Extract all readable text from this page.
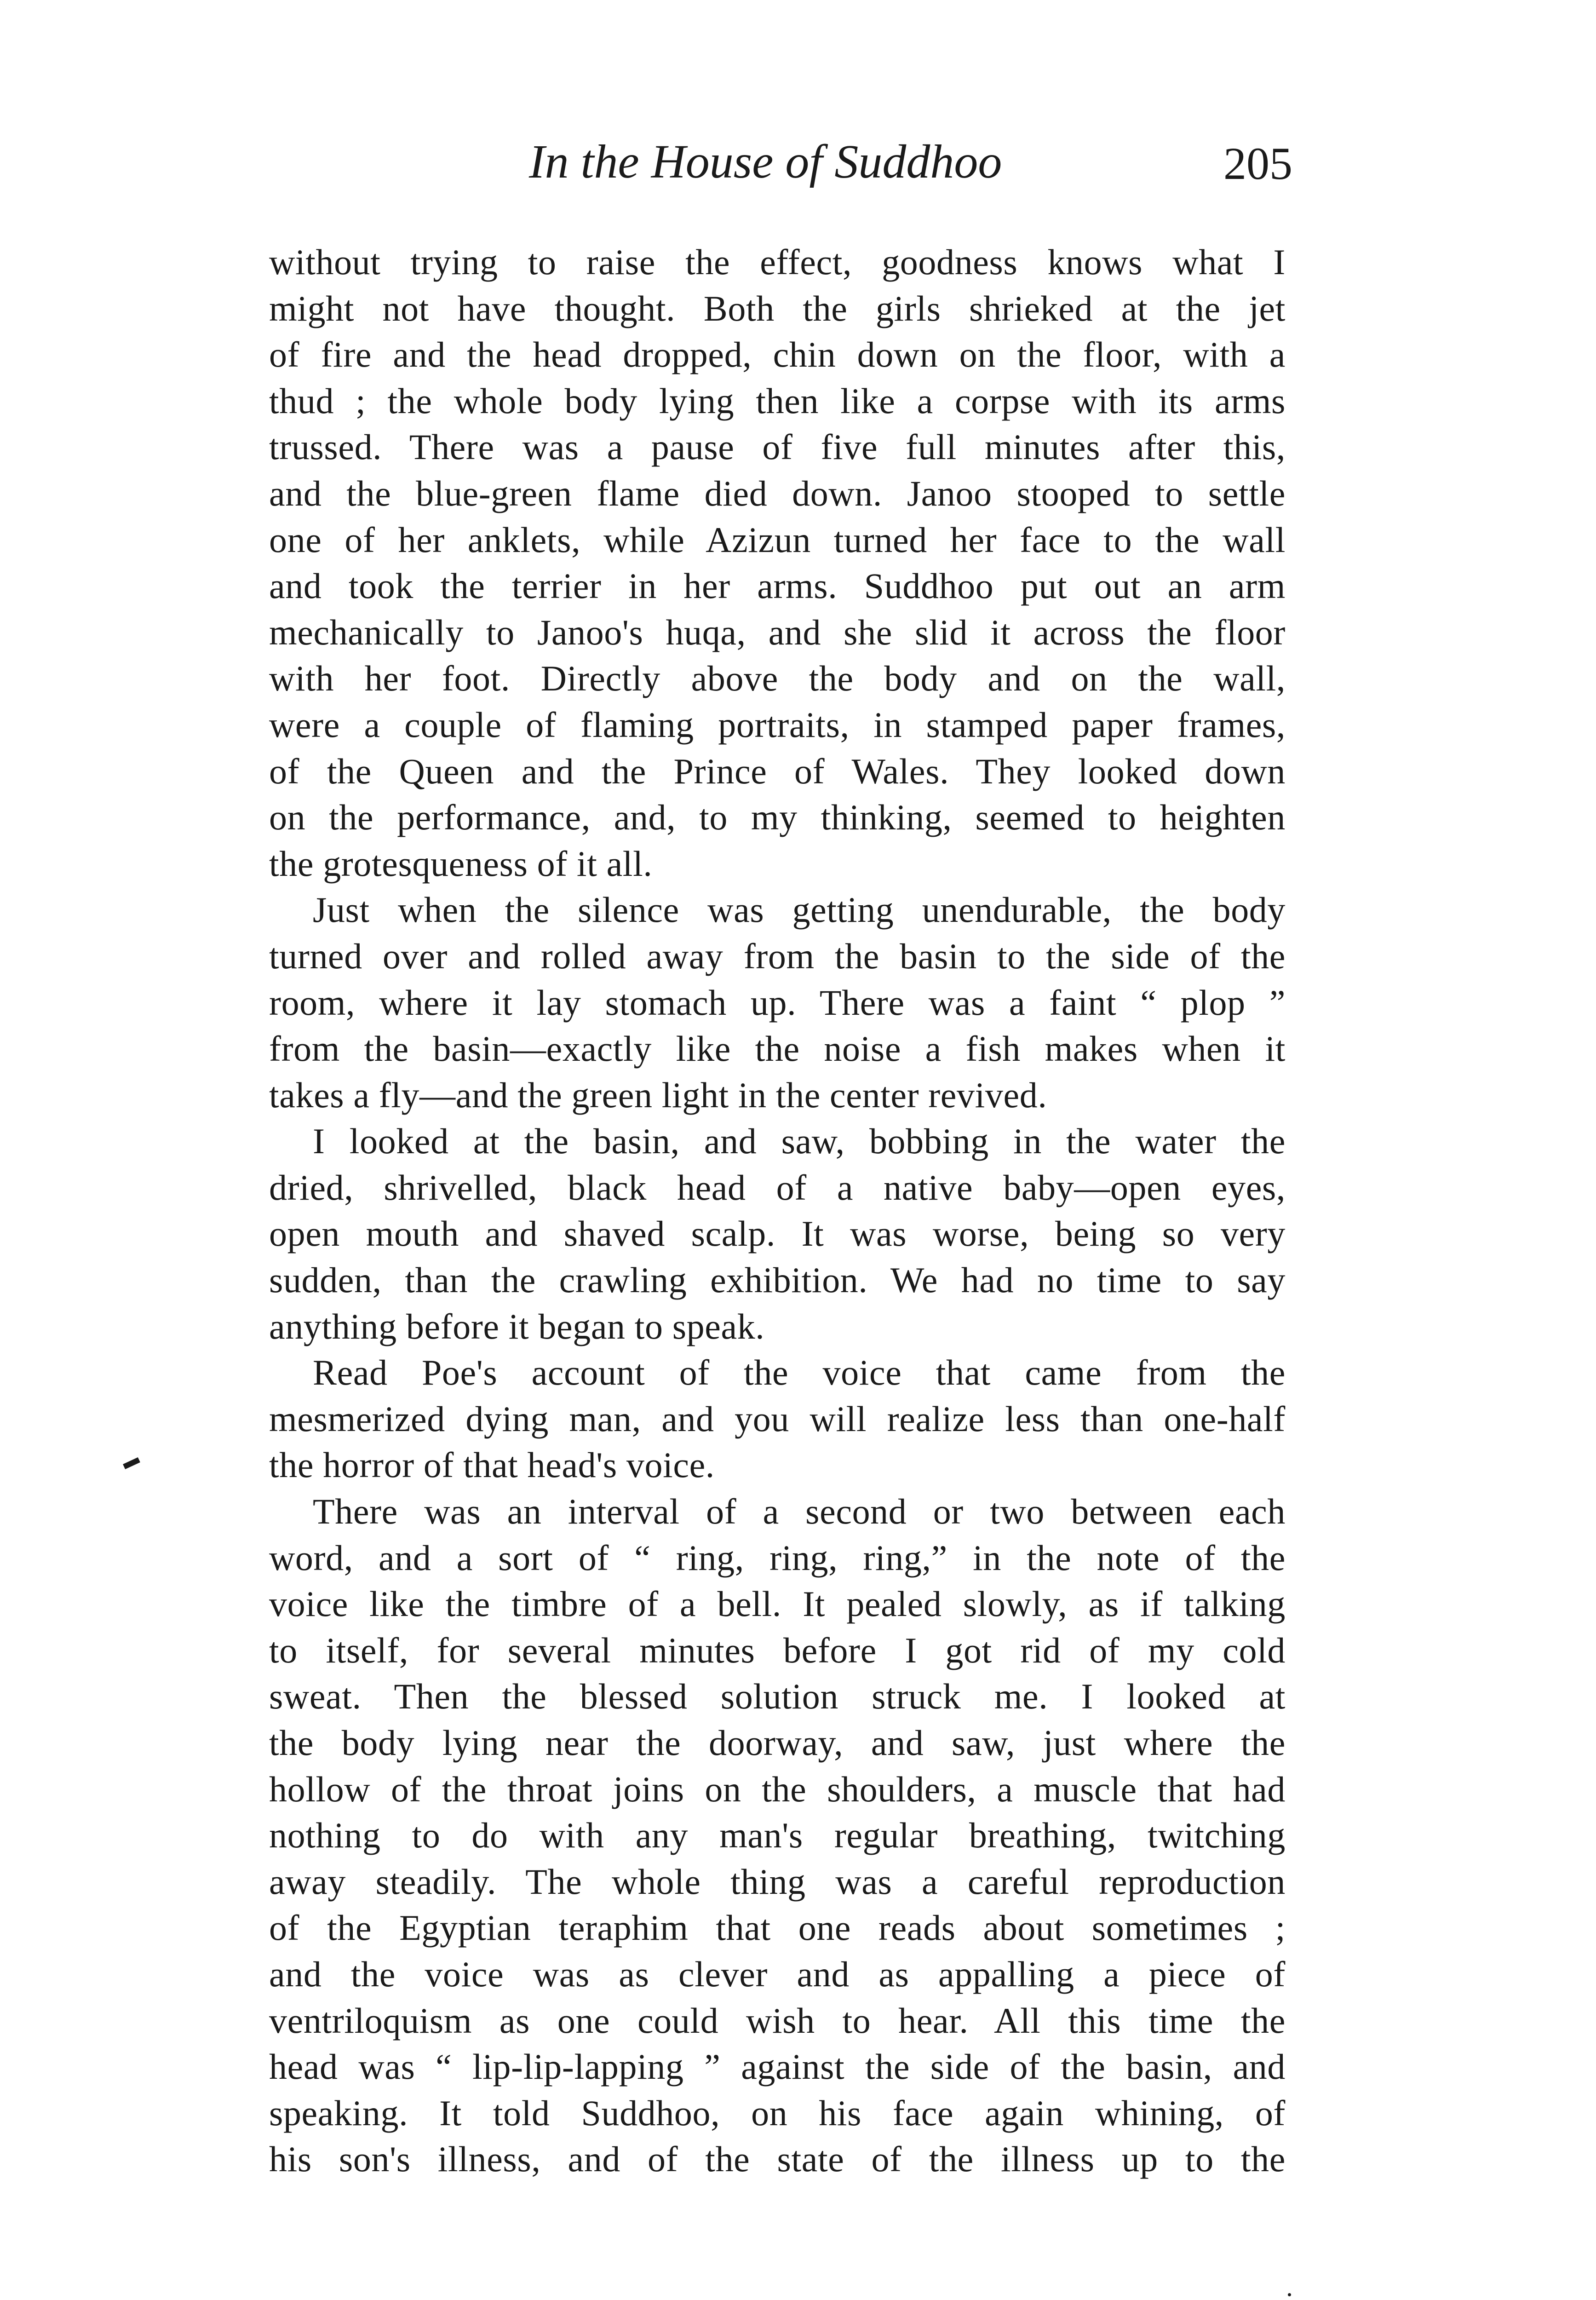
In the House of Suddhoo	205
without trying to raise the effect, goodness knows what I
might not have thought. Both the girls shrieked at the jet
of fire and the head dropped, chin down on the floor, with a
thud ; the whole body lying then like a corpse with its arms
trussed. There was a pause of five full minutes after this,
and the blue-green flame died down. Janoo stooped to settle
one of her anklets, while Azizun turned her face to the wall
and took the terrier in her arms. Suddhoo put out an arm
mechanically to Janoo's huqa, and she slid it across the floor
with her foot. Directly above the body and on the wall,
were a couple of flaming portraits, in stamped paper frames,
of the Queen and the Prince of Wales. They looked down
on the performance, and, to my thinking, seemed to heighten
the grotesqueness of it all.
Just when the silence was getting unendurable, the body
turned over and rolled away from the basin to the side of the
room, where it lay stomach up. There was a faint “ plop ”
from the basin—exactly like the noise a fish makes when it
takes a fly—and the green light in the center revived.
I looked at the basin, and saw, bobbing in the water the
dried, shrivelled, black head of a native baby—open eyes,
open mouth and shaved scalp. It was worse, being so very
sudden, than the crawling exhibition. We had no time to say
anything before it began to speak.
Read Poe's account of the voice that came from the
mesmerized dying man, and you will realize less than one-half
the horror of that head's voice.
There was an interval of a second or two between each
word, and a sort of “ ring, ring, ring,” in the note of the
voice like the timbre of a bell. It pealed slowly, as if talking
to itself, for several minutes before I got rid of my cold
sweat. Then the blessed solution struck me. I looked at
the body lying near the doorway, and saw, just where the
hollow of the throat joins on the shoulders, a muscle that had
nothing to do with any man's regular breathing, twitching
away steadily. The whole thing was a careful reproduction
of the Egyptian teraphim that one reads about sometimes ;
and the voice was as clever and as appalling a piece of
ventriloquism as one could wish to hear. All this time the
head was “ lip-lip-lapping ” against the side of the basin, and
speaking. It told Suddhoo, on his face again whining, of
his son's illness, and of the state of the illness up to the
